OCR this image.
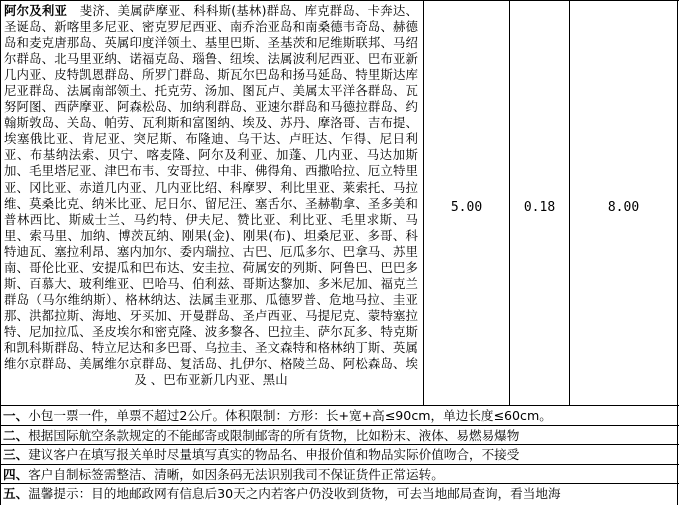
阿尔及利亚 斐济、美属萨摩亚、科科斯(基林)群岛、库克群岛、卡奔达、圣诞岛、新喀里多尼亚、密克罗尼西亚、南乔治亚岛和南桑德韦奇岛、赫德岛和麦克唐那岛、英属印度洋领土、基里巴斯、圣基茨和尼维斯联邦、马绍尔群岛、北马里亚纳、诺福克岛、瑙鲁、纽埃、法属波利尼西亚、巴布亚新几内亚、皮特凯恩群岛、所罗门群岛、斯瓦尔巴岛和扬马延岛、特里斯达库尼亚群岛、法属南部领土、托克劳、汤加、图瓦卢、美属太平洋各群岛、瓦努阿图、西萨摩亚、阿森松岛、加纳利群岛、亚速尔群岛和马德拉群岛、约翰斯敦岛、关岛、帕劳、瓦利斯和富图纳、埃及、苏丹、摩洛哥、吉布提、埃塞俄比亚、肯尼亚、突尼斯、布隆迪、乌干达、卢旺达、乍得、尼日利亚、布基纳法索、贝宁、喀麦隆、阿尔及利亚、加蓬、几内亚、马达加斯加、毛里塔尼亚、津巴布韦、安哥拉、中非、佛得角、西撒哈拉、厄立特里亚、冈比亚、赤道几内亚、几内亚比绍、科摩罗、利比里亚、莱索托、马拉维、莫桑比克、纳米比亚、尼日尔、留尼汪、塞舌尔、圣赫勒拿、圣多美和普林西比、斯威士兰、马约特、伊夫尼、赞比亚、利比亚、毛里求斯、马里、索马里、加纳、博茨瓦纳、刚果(金)、刚果(布)、坦桑尼亚、多哥、科特迪瓦、塞拉利昂、塞内加尔、委内瑞拉、古巴、厄瓜多尔、巴拿马、苏里南、哥伦比亚、安提瓜和巴布达、安圭拉、荷属安的列斯、阿鲁巴、巴巴多斯、百慕大、玻利维亚、巴哈马、伯利兹、哥斯达黎加、多米尼加、福克兰群岛（马尔维纳斯）、格林纳达、法属圭亚那、瓜德罗普、危地马拉、圭亚那、洪都拉斯、海地、牙买加、开曼群岛、圣卢西亚、马提尼克、蒙特塞拉特、尼加拉瓜、圣皮埃尔和密克隆、波多黎各、巴拉圭、萨尔瓦多、特克斯和凯科斯群岛、特立尼达和多巴哥、乌拉圭、圣文森特和格林纳丁斯、英属维尔京群岛、美属维尔京群岛、复活岛、扎伊尔、格陵兰岛、阿松森岛、埃及 、巴布亚新几内亚、黑山
5.00	0.18	8.00
一、小包一票一件，单票不超过2公斤。体积限制：方形：长+宽+高≤90cm，单边长度≤60cm。
二、根据国际航空条款规定的不能邮寄或限制邮寄的所有货物，比如粉末、液体、易燃易爆物
三、建议客户在填写报关单时尽量填写真实的物品名、申报价值和物品实际价值吻合，不接受
四、客户自制标签需整洁、清晰，如因条码无法识别我司不保证货件正常运转。
五、温馨提示：目的地邮政网有信息后30天之内若客户仍没收到货物，可去当地邮局查询，看当地海
